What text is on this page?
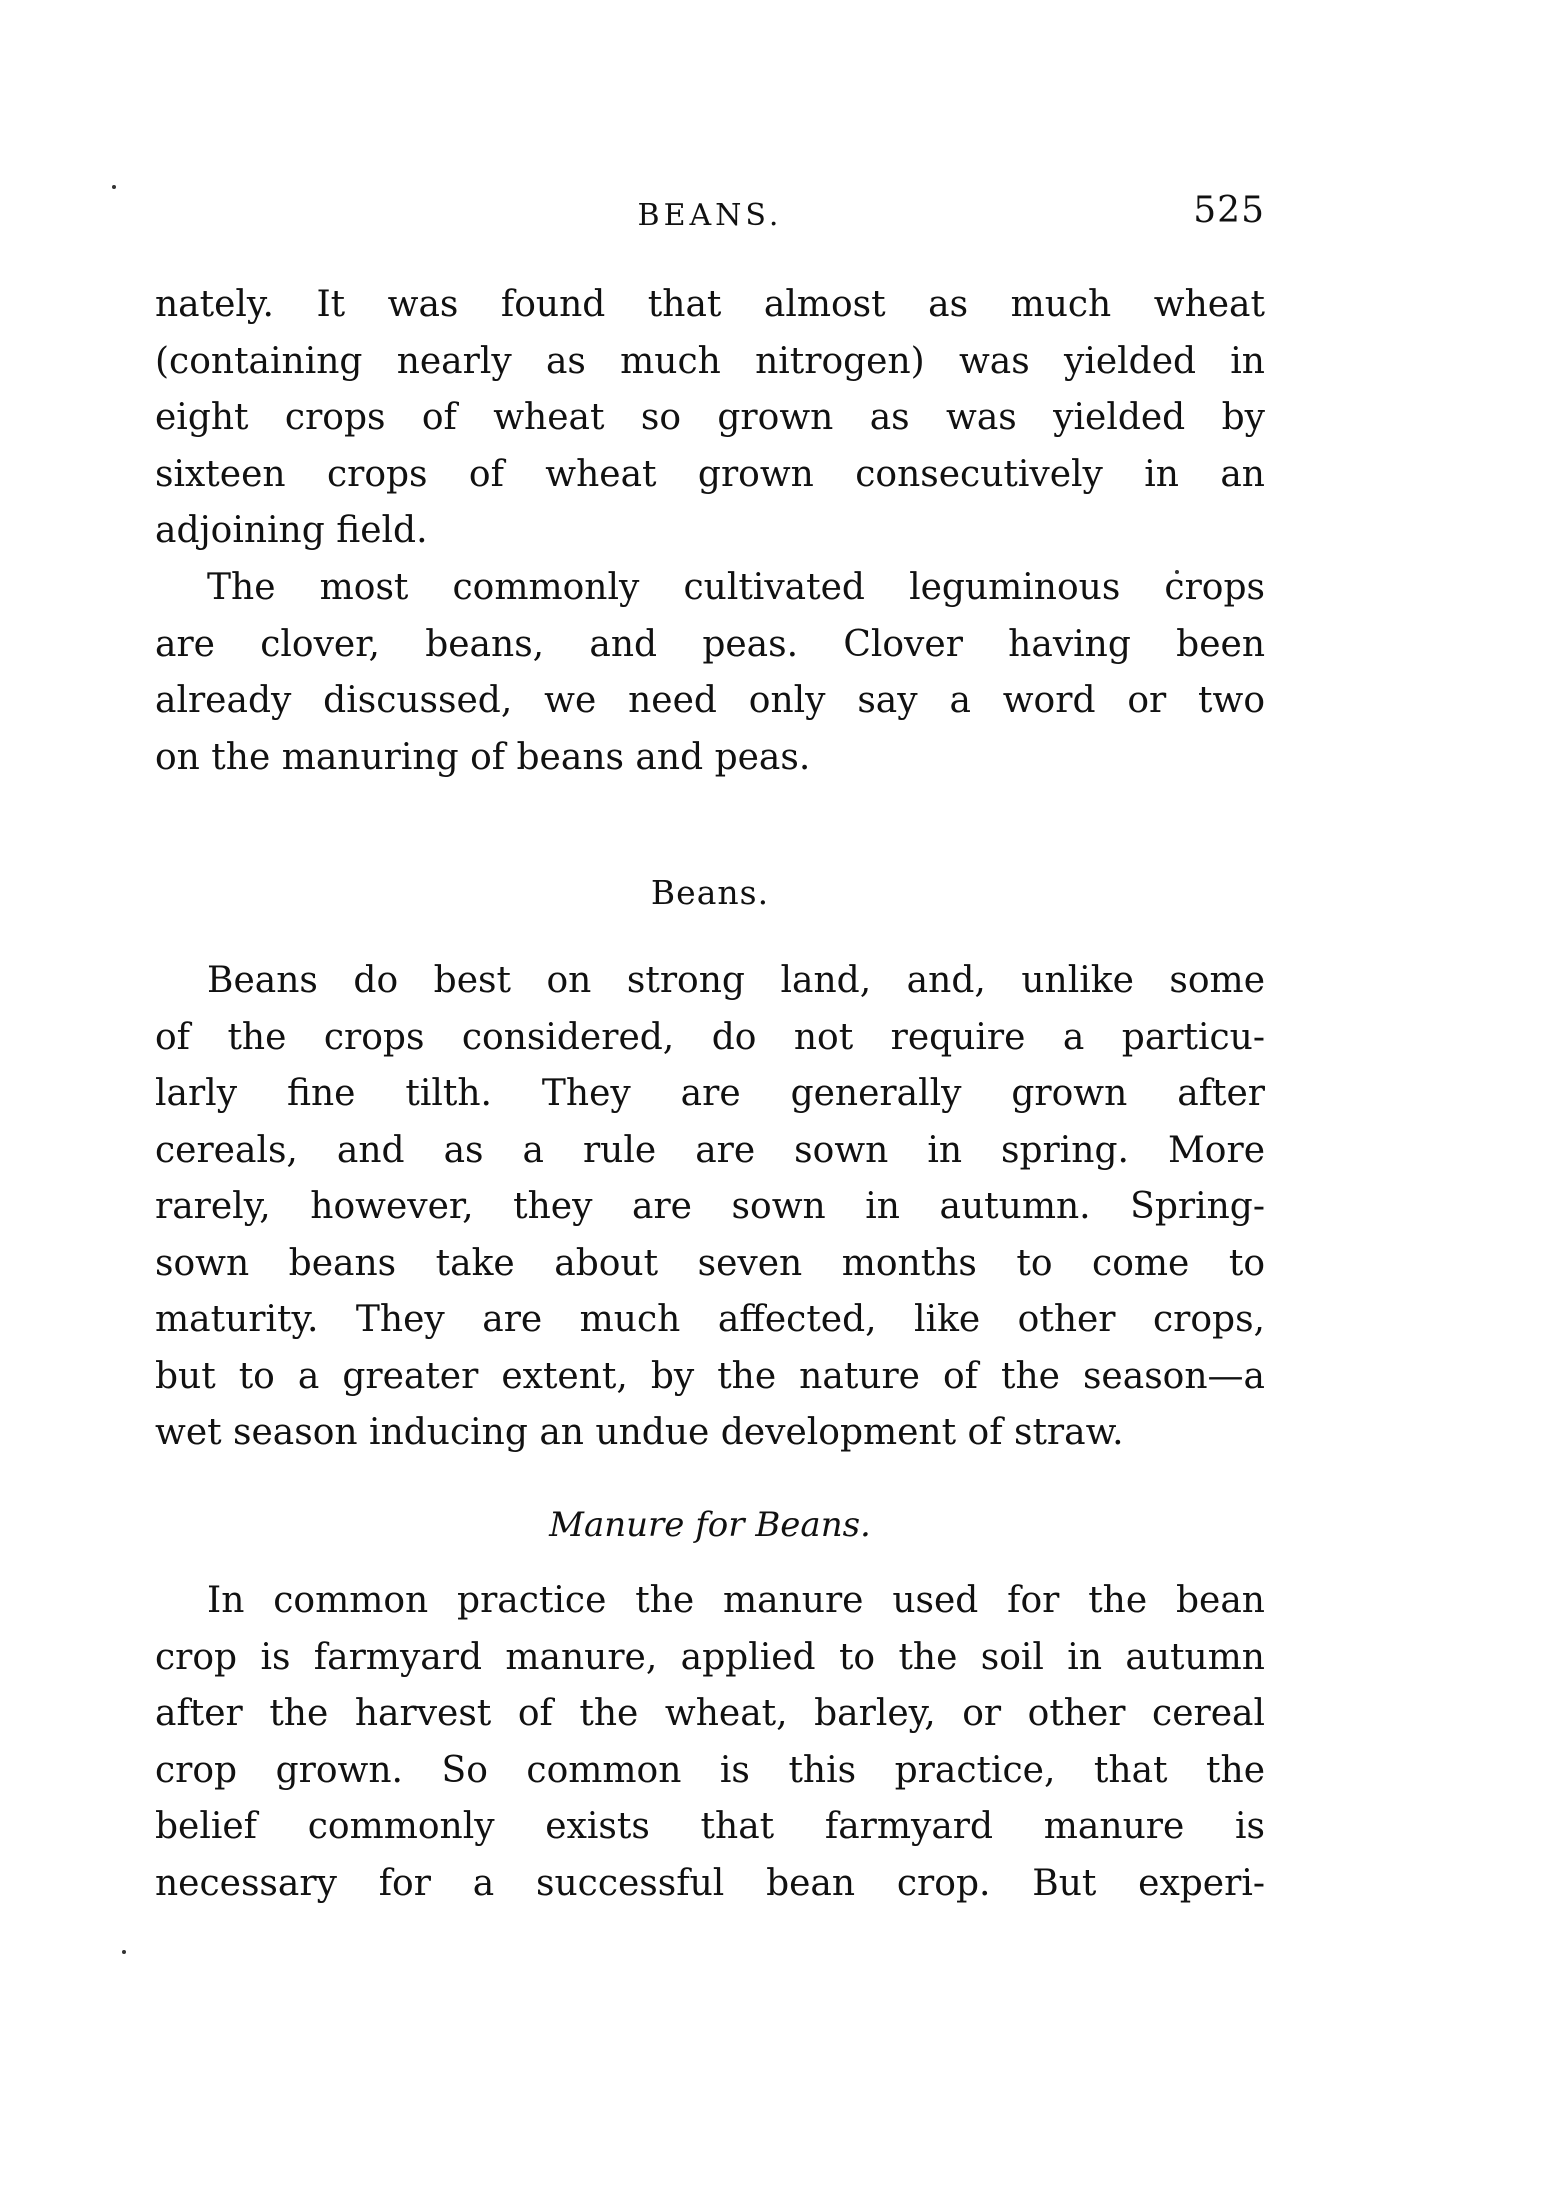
BEANS.	525
nately. It was found that almost as much wheat
(containing nearly as much nitrogen) was yielded in
eight crops of wheat so grown as was yielded by
sixteen crops of wheat grown consecutively in an
adjoining field.
The most commonly cultivated leguminous crops
are clover, beans, and peas. Clover having been
already discussed, we need only say a word or two
on the manuring of beans and peas.
Beans.
Beans do best on strong land, and, unlike some
of the crops considered, do not require a particu-
larly fine tilth. They are generally grown after
cereals, and as a rule are sown in spring. More
rarely, however, they are sown in autumn. Spring-
sown beans take about seven months to come to
maturity. They are much affected, like other crops,
but to a greater extent, by the nature of the season—a
wet season inducing an undue development of straw.
Manure for Beans.
In common practice the manure used for the bean
crop is farmyard manure, applied to the soil in autumn
after the harvest of the wheat, barley, or other cereal
crop grown. So common is this practice, that the
belief commonly exists that farmyard manure is
necessary for a successful bean crop. But experi-
